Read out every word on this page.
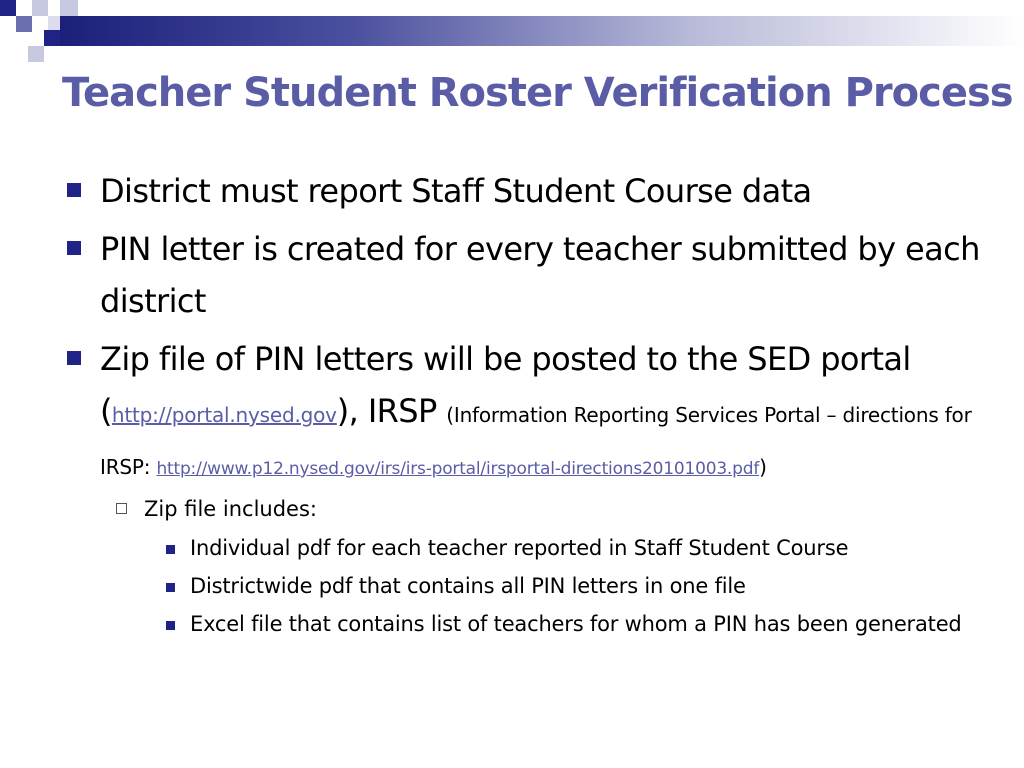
Teacher Student Roster Verification Process
District must report Staff Student Course data
PIN letter is created for every teacher submitted by each district
Zip file of PIN letters will be posted to the SED portal (http://portal.nysed.gov), IRSP (Information Reporting Services Portal – directions for IRSP: http://www.p12.nysed.gov/irs/irs-portal/irsportal-directions20101003.pdf)
Zip file includes:
Individual pdf for each teacher reported in Staff Student Course
Districtwide pdf that contains all PIN letters in one file
Excel file that contains list of teachers for whom a PIN has been generated
